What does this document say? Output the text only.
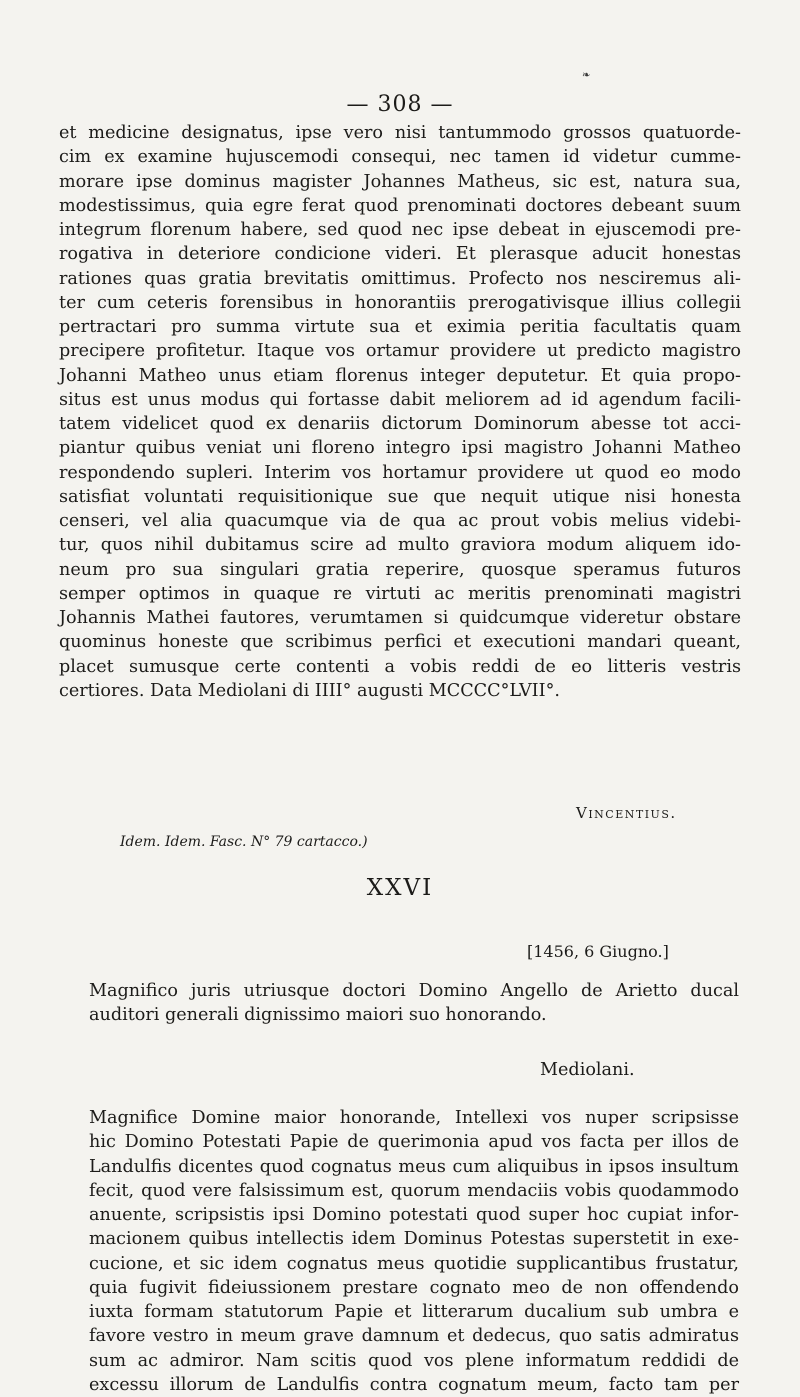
❧
— 308 —

et medicine designatus, ipse vero nisi tantummodo grossos quatuorde-
cim ex examine hujuscemodi consequi, nec tamen id videtur cumme-
morare ipse dominus magister Johannes Matheus, sic est, natura sua,
modestissimus, quia egre ferat quod prenominati doctores debeant suum
integrum florenum habere, sed quod nec ipse debeat in ejuscemodi pre-
rogativa in deteriore condicione videri. Et plerasque aducit honestas
rationes quas gratia brevitatis omittimus. Profecto nos nesciremus ali-
ter cum ceteris forensibus in honorantiis prerogativisque illius collegii
pertractari pro summa virtute sua et eximia peritia facultatis quam
precipere profitetur. Itaque vos ortamur providere ut predicto magistro
Johanni Matheo unus etiam florenus integer deputetur. Et quia propo-
situs est unus modus qui fortasse dabit meliorem ad id agendum facili-
tatem videlicet quod ex denariis dictorum Dominorum abesse tot acci-
piantur quibus veniat uni floreno integro ipsi magistro Johanni Matheo
respondendo supleri. Interim vos hortamur providere ut quod eo modo
satisfiat voluntati requisitionique sue que nequit utique nisi honesta
censeri, vel alia quacumque via de qua ac prout vobis melius videbi-
tur, quos nihil dubitamus scire ad multo graviora modum aliquem ido-
neum pro sua singulari gratia reperire, quosque speramus futuros
semper optimos in quaque re virtuti ac meritis prenominati magistri
Johannis Mathei fautores, verumtamen si quidcumque videretur obstare
quominus honeste que scribimus perfici et executioni mandari queant,
placet sumusque certe contenti a vobis reddi de eo litteris vestris
certiores. Data Mediolani di IIII° augusti MCCCC°LVII°.

Vincentius.
Idem. Idem. Fasc. N° 79 cartacco.)
XXVI
[1456, 6 Giugno.]

Magnifico juris utriusque doctori Domino Angello de Arietto ducal
auditori generali dignissimo maiori suo honorando.

Mediolani.

Magnifice Domine maior honorande, Intellexi vos nuper scripsisse
hic Domino Potestati Papie de querimonia apud vos facta per illos de
Landulfis dicentes quod cognatus meus cum aliquibus in ipsos insultum
fecit, quod vere falsissimum est, quorum mendaciis vobis quodammodo
anuente, scripsistis ipsi Domino potestati quod super hoc cupiat infor-
macionem quibus intellectis idem Dominus Potestas superstetit in exe-
cucione, et sic idem cognatus meus quotidie supplicantibus frustatur,
quia fugivit fideiussionem prestare cognato meo de non offendendo
iuxta formam statutorum Papie et litterarum ducalium sub umbra e
favore vestro in meum grave damnum et dedecus, quo satis admiratus
sum ac admiror. Nam scitis quod vos plene informatum reddidi de
excessu illorum de Landulfis contra cognatum meum, facto tam per
